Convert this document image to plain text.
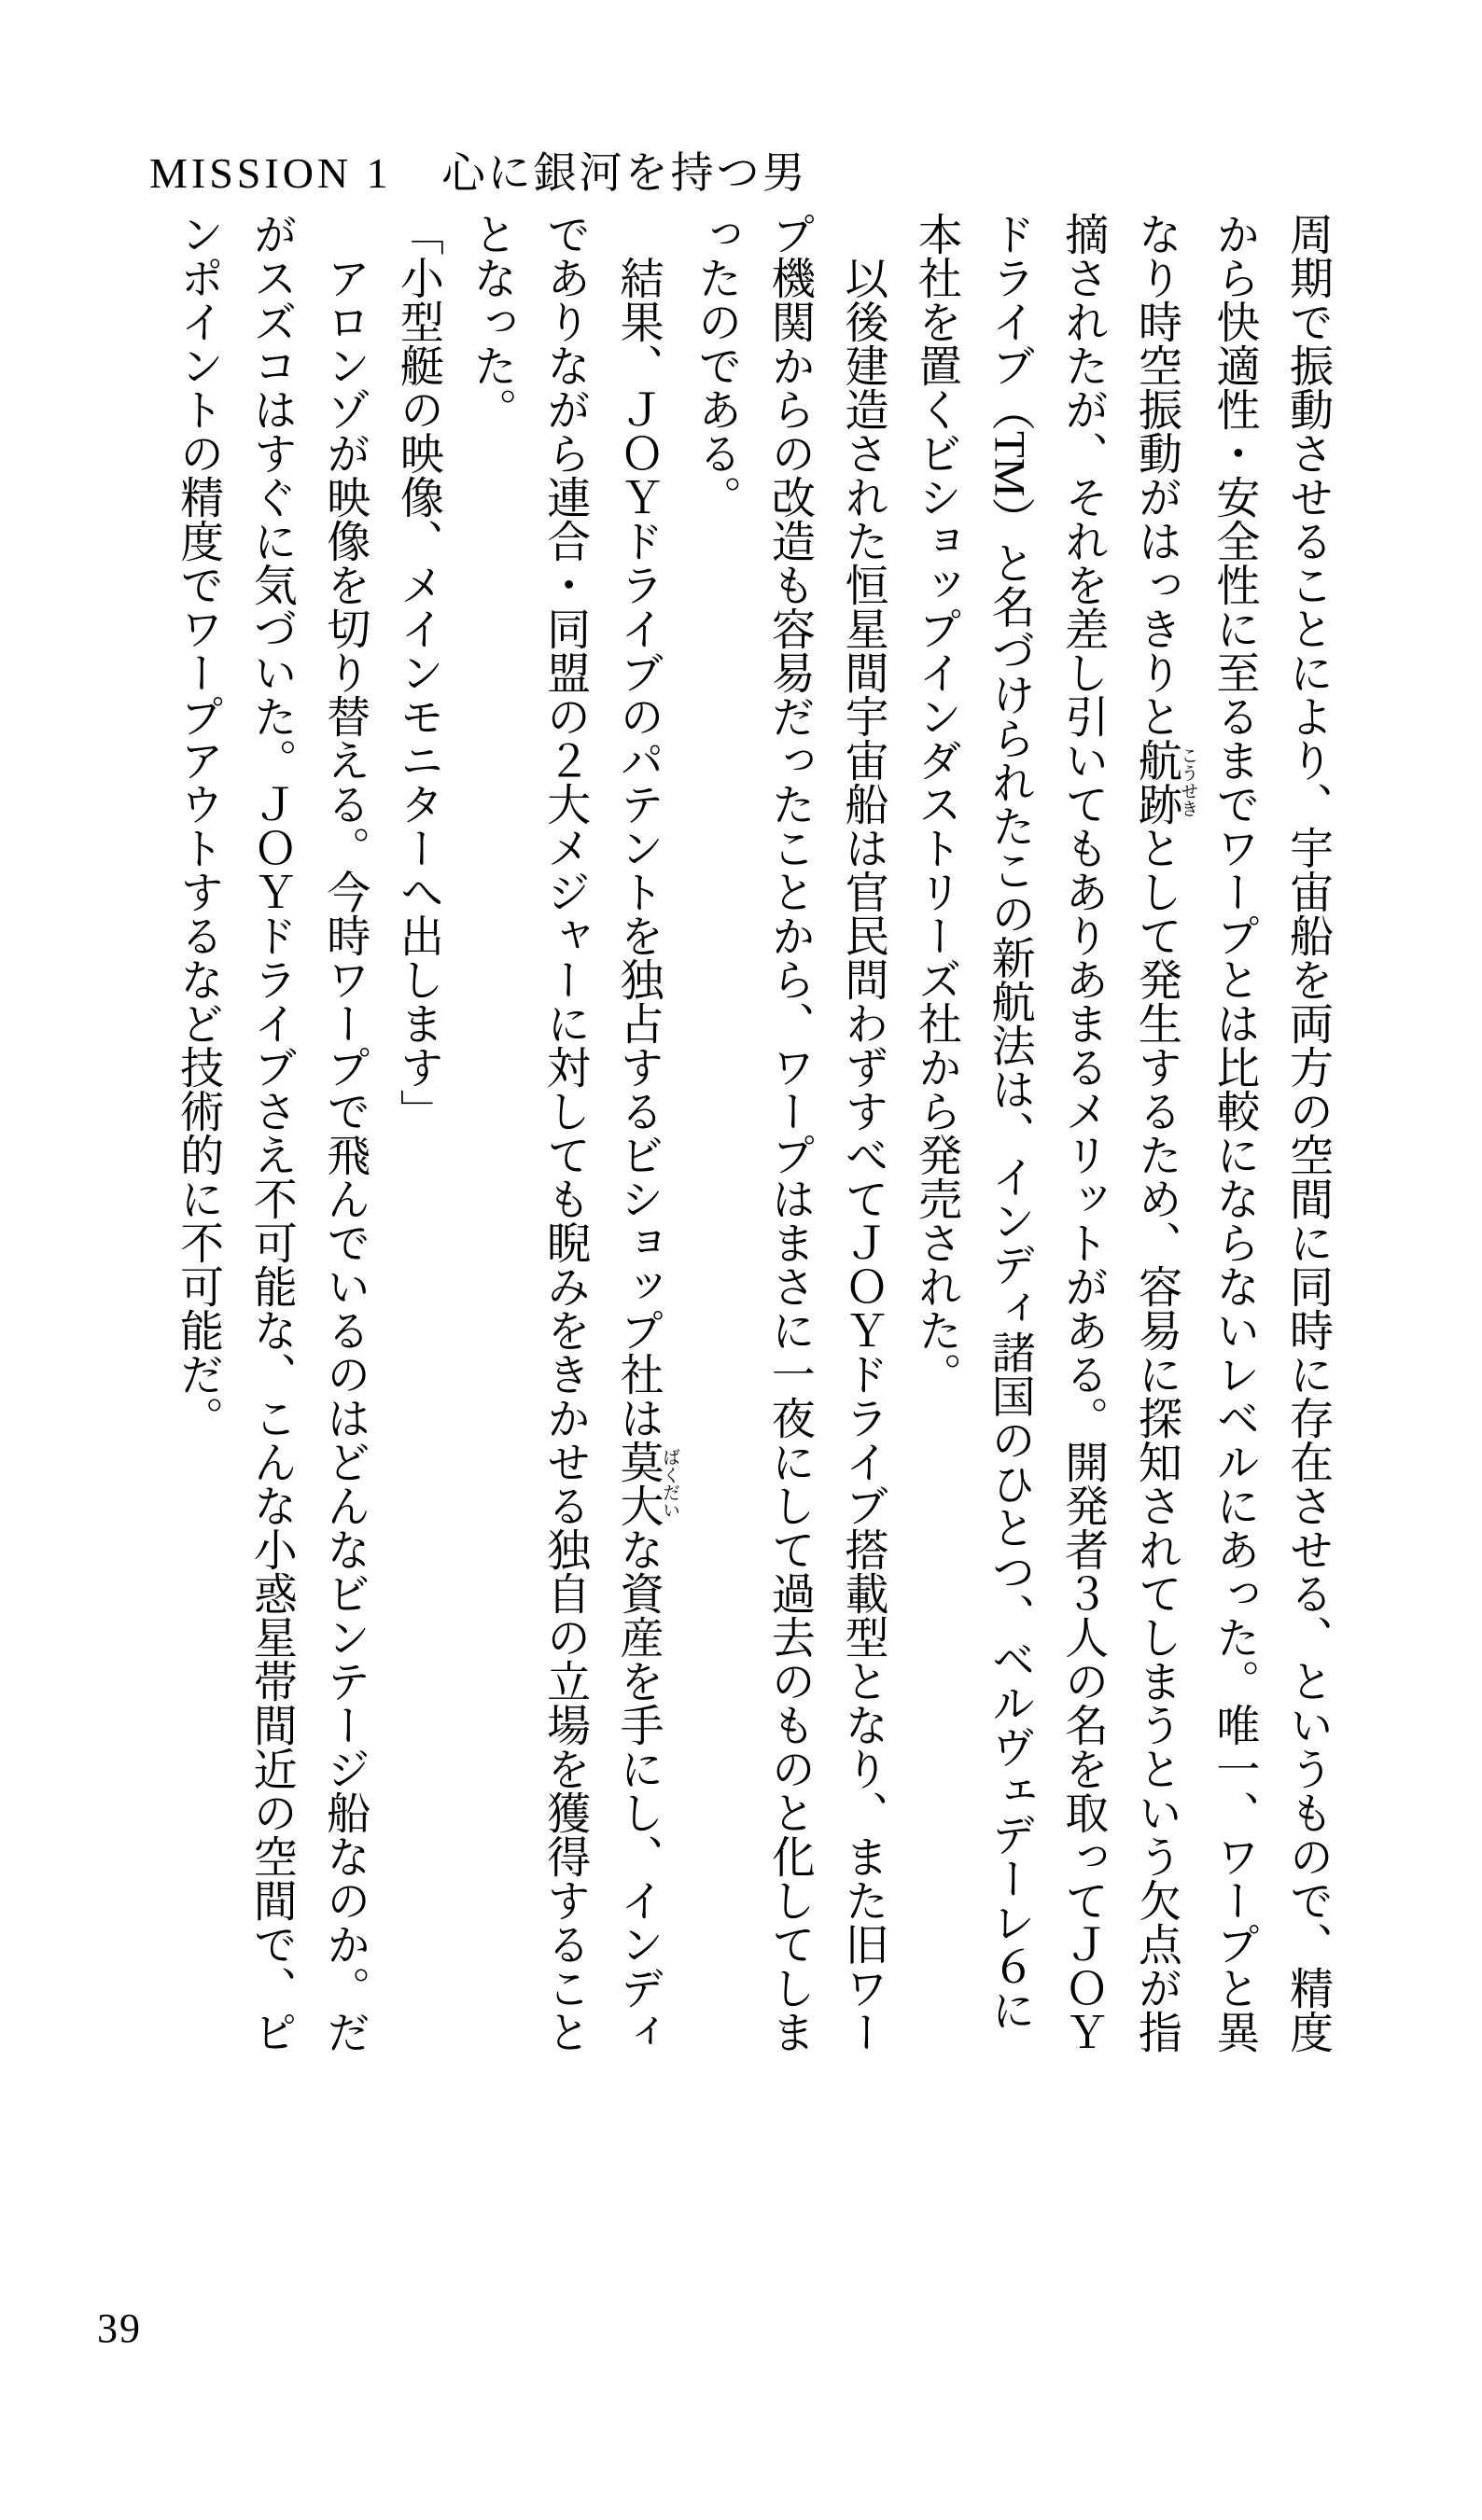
MISSION 1 心に銀河を持つ男
周期で振動させることにより、宇宙船を両方の空間に同時に存在させる、というもので、精度
から快適性・安全性に至るまでワープとは比較にならないレベルにあった。唯一、ワープと異
なり時空振動がはっきりと航跡こうせきとして発生するため、容易に探知されてしまうという欠点が指
摘されたが、それを差し引いてもありあまるメリットがある。開発者３人の名を取ってＪＯＹ
ドライブ（TM）と名づけられたこの新航法は、インディ諸国のひとつ、ベルヴェデーレ６に
本社を置くビショップインダストリーズ社から発売された。
　以後建造された恒星間宇宙船は官民問わずすべてＪＯＹドライブ搭載型となり、また旧ワー
プ機関からの改造も容易だったことから、ワープはまさに一夜にして過去のものと化してしま
ったのである。
　結果、ＪＯＹドライブのパテントを独占するビショップ社は莫大ばくだいな資産を手にし、インディ
でありながら連合・同盟の２大メジャーに対しても睨みをきかせる独自の立場を獲得すること
となった。
「小型艇の映像、メインモニターへ出します」
　アロンゾが映像を切り替える。今時ワープで飛んでいるのはどんなビンテージ船なのか。だ
がスズコはすぐに気づいた。ＪＯＹドライブさえ不可能な、こんな小惑星帯間近の空間で、ピ
ンポイントの精度でワープアウトするなど技術的に不可能だ。
39
